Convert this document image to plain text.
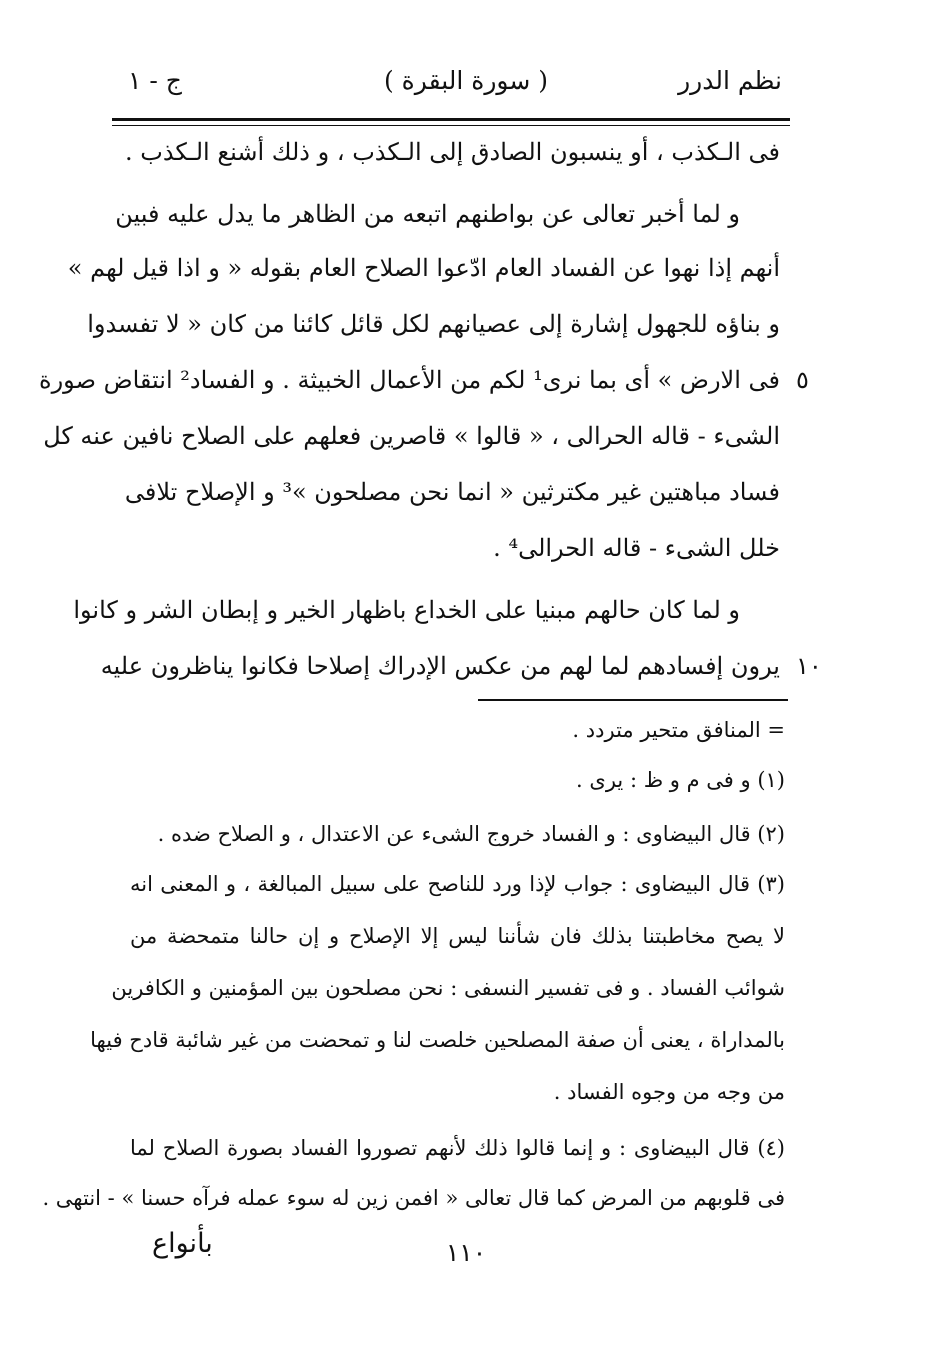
نظم الدرر
( سورة البقرة )
ج - ١
فى الـكذب ، أو ينسبون الصادق إلى الـكذب ، و ذلك أشنع الـكذب .
و لما أخبر تعالى عن بواطنهم اتبعه من الظاهر ما يدل عليه فبين
أنهم إذا نهوا عن الفساد العام ادّعوا الصلاح العام بقوله « و اذا قيل لهم »
و بناؤه للجهول إشارة إلى عصيانهم لكل قائل كائنا من كان « لا تفسدوا
فى الارض » أى بما نرى¹ لكم من الأعمال الخبيثة . و الفساد² انتقاض صورة
الشىء - قاله الحرالى ، « قالوا » قاصرين فعلهم على الصلاح نافين عنه كل
فساد مباهتين غير مكترثين « انما نحن مصلحون »³ و الإصلاح تلافى
خلل الشىء - قاله الحرالى⁴ .
و لما كان حالهم مبنيا على الخداع باظهار الخير و إبطان الشر و كانوا
يرون إفسادهم لما لهم من عكس الإدراك إصلاحا فكانوا يناظرون عليه
٥
١٠
= المنافق متحير متردد .
(١) و فى م و ظ : يرى .
(٢) قال البيضاوى : و الفساد خروج الشىء عن الاعتدال ، و الصلاح ضده .
(٣) قال البيضاوى : جواب لإذا ورد للناصح على سبيل المبالغة ، و المعنى انه
لا يصح مخاطبتنا بذلك فان شأننا ليس إلا الإصلاح و إن حالنا متمحضة من
شوائب الفساد . و فى تفسير النسفى : نحن مصلحون بين المؤمنين و الكافرين
بالمداراة ، يعنى أن صفة المصلحين خلصت لنا و تمحضت من غير شائبة قادح فيها
من وجه من وجوه الفساد .
(٤) قال البيضاوى : و إنما قالوا ذلك لأنهم تصوروا الفساد بصورة الصلاح لما
فى قلوبهم من المرض كما قال تعالى « افمن زين له سوء عمله فرآه حسنا » - انتهى .
١١٠
بأنواع
